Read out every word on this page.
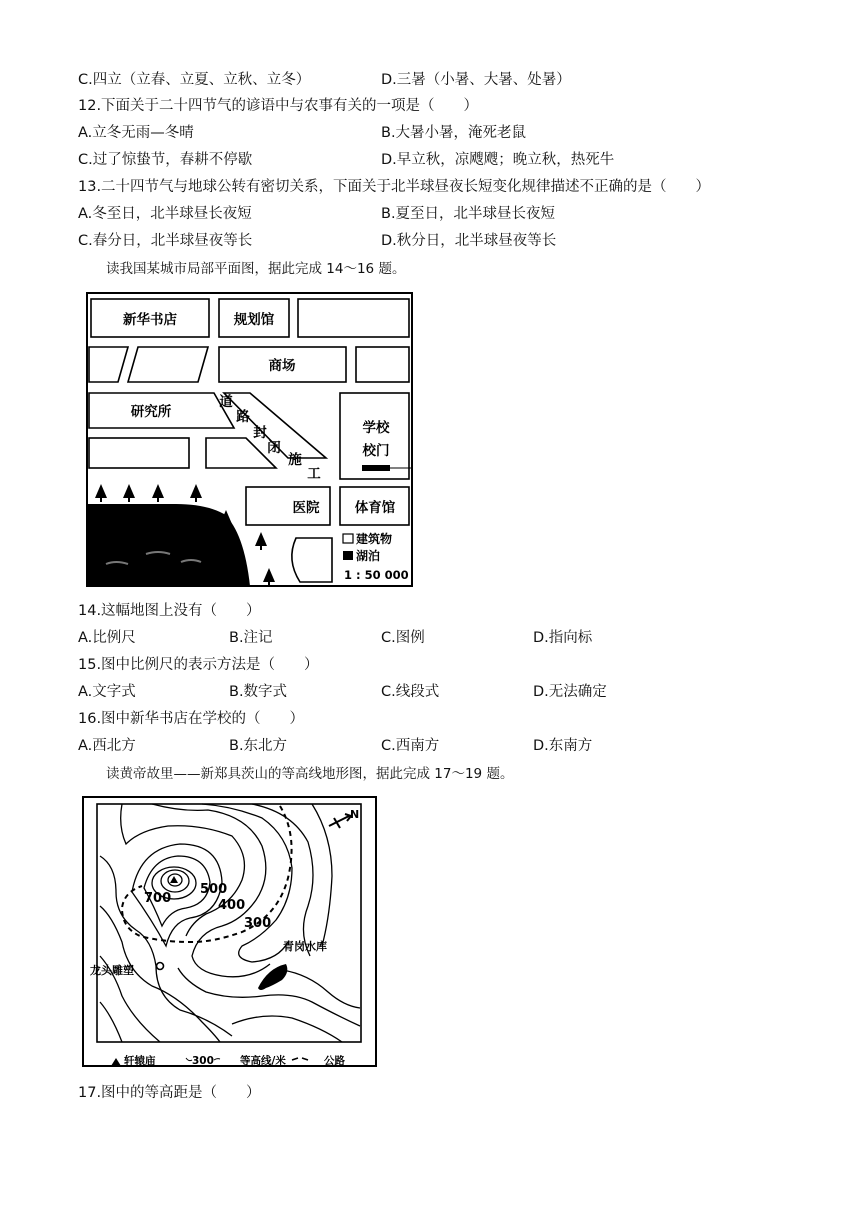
C.四立（立春、立夏、立秋、立冬）	D.三暑（小暑、大暑、处暑）
12.下面关于二十四节气的谚语中与农事有关的一项是（　　）
A.立冬无雨—冬晴	B.大暑小暑，淹死老鼠
C.过了惊蛰节，春耕不停歇	D.早立秋，凉飕飕；晚立秋，热死牛
13.二十四节气与地球公转有密切关系，下面关于北半球昼夜长短变化规律描述不正确的是（　　）
A.冬至日，北半球昼长夜短	B.夏至日，北半球昼长夜短
C.春分日，北半球昼夜等长	D.秋分日，北半球昼夜等长
读我国某城市局部平面图，据此完成 14～16 题。
建筑物
湖泊
1 : 50 000
新华书店	规划馆
商场
研究所
道
路
封
闭
施
工
学校
校门
医院	体育馆
14.这幅地图上没有（　　）
A.比例尺	B.注记	C.图例	D.指向标
15.图中比例尺的表示方法是（　　）
A.文字式	B.数字式	C.线段式	D.无法确定
16.图中新华书店在学校的（　　）
A.西北方	B.东北方	C.西南方	D.东南方
读黄帝故里——新郑具茨山的等高线地形图，据此完成 17～19 题。
N
500
700	400
300
青岗水库
龙头雕塑
轩辕庙	300 等高线/米	公路
17.图中的等高距是（　　）
